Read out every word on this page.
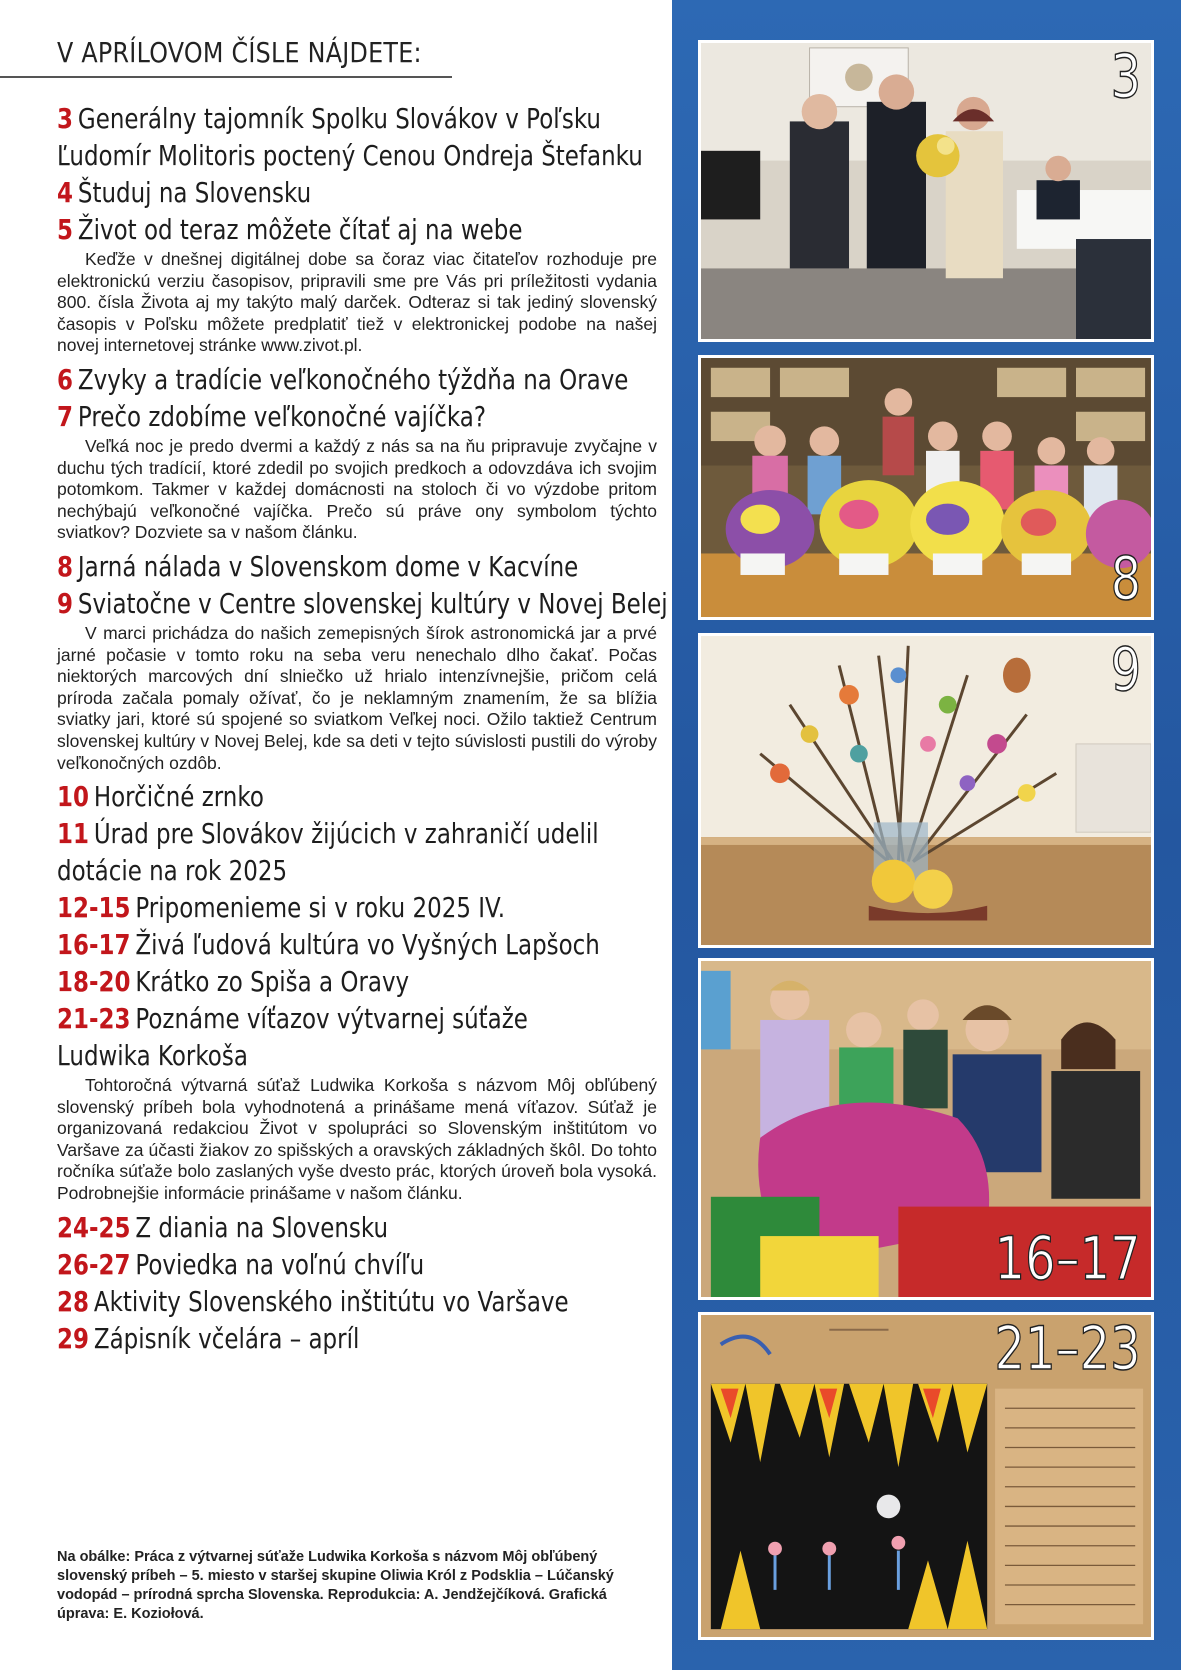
V APRÍLOVOM ČÍSLE NÁJDETE:
3 Generálny tajomník Spolku Slovákov v Poľsku
Ľudomír Molitoris poctený Cenou Ondreja Štefanku
4 Študuj na Slovensku
5 Život od teraz môžete čítať aj na webe

Keďže v dnešnej digitálnej dobe sa čoraz viac čitateľov rozhoduje pre elektronickú verziu časopisov, pripravili sme pre Vás pri príležitosti vydania 800. čísla Života aj my takýto malý darček. Odteraz si tak jediný slovenský časopis v Poľsku môžete predplatiť tiež v elektronickej podobe na našej novej internetovej stránke www.zivot.pl.

6 Zvyky a tradície veľkonočného týždňa na Orave
7 Prečo zdobíme veľkonočné vajíčka?

Veľká noc je predo dvermi a každý z nás sa na ňu pripravuje zvyčajne v duchu tých tradícií, ktoré zdedil po svojich predkoch a odovzdáva ich svojim potomkom. Takmer v každej domácnosti na stoloch či vo výzdobe pritom nechýbajú veľkonočné vajíčka. Prečo sú práve ony symbolom týchto sviatkov? Dozviete sa v našom článku.

8 Jarná nálada v Slovenskom dome v Kacvíne
9 Sviatočne v Centre slovenskej kultúry v Novej Belej

V marci prichádza do našich zemepisných šírok astronomická jar a prvé jarné počasie v tomto roku na seba veru nenechalo dlho čakať. Počas niektorých marcových dní slniečko už hrialo intenzívnejšie, pričom celá príroda začala pomaly ožívať, čo je neklamným znamením, že sa blížia sviatky jari, ktoré sú spojené so sviatkom Veľkej noci. Ožilo taktiež Centrum slovenskej kultúry v Novej Belej, kde sa deti v tejto súvislosti pustili do výroby veľkonočných ozdôb.

10 Horčičné zrnko
11 Úrad pre Slovákov žijúcich v zahraničí udelil
dotácie na rok 2025
12-15 Pripomenieme si v roku 2025 IV.
16-17 Živá ľudová kultúra vo Vyšných Lapšoch
18-20 Krátko zo Spiša a Oravy
21-23 Poznáme víťazov výtvarnej súťaže
Ludwika Korkoša

Tohtoročná výtvarná súťaž Ludwika Korkoša s názvom Môj obľúbený slovenský príbeh bola vyhodnotená a prinášame mená víťazov. Súťaž je organizovaná redakciou Život v spolupráci so Slovenským inštitútom vo Varšave za účasti žiakov zo spišských a oravských základných škôl. Do tohto ročníka súťaže bolo zaslaných vyše dvesto prác, ktorých úroveň bola vysoká. Podrobnejšie informácie prinášame v našom článku.

24-25 Z diania na Slovensku
26-27 Poviedka na voľnú chvíľu
28 Aktivity Slovenského inštitútu vo Varšave
29 Zápisník včelára – apríl

Na obálke: Práca z výtvarnej súťaže Ludwika Korkoša s názvom Môj obľúbený slovenský príbeh – 5. miesto v staršej skupine Oliwia Król z Podsklia – Lúčanský vodopád – prírodná sprcha Slovenska. Reprodukcia: A. Jendžejčíková. Grafická úprava: E. Koziołová.

3
8
9
16–17
21–23
